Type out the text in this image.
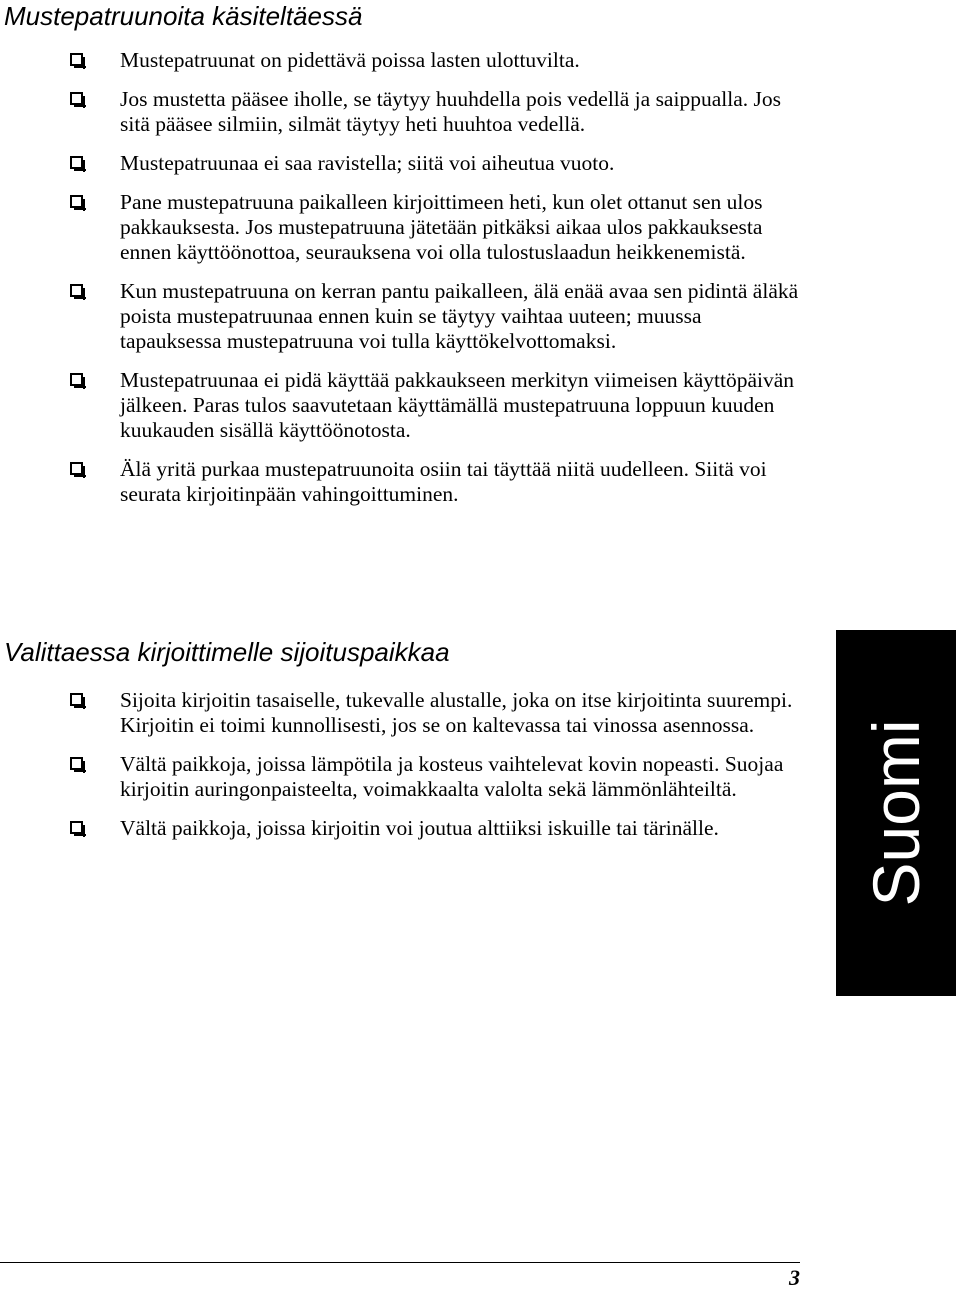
Mustepatruunoita käsiteltäessä
Mustepatruunat on pidettävä poissa lasten ulottuvilta.
Jos mustetta pääsee iholle, se täytyy huuhdella pois vedellä ja saippualla. Jos sitä pääsee silmiin, silmät täytyy heti huuhtoa vedellä.
Mustepatruunaa ei saa ravistella; siitä voi aiheutua vuoto.
Pane mustepatruuna paikalleen kirjoittimeen heti, kun olet ottanut sen ulos pakkauksesta. Jos mustepatruuna jätetään pitkäksi aikaa ulos pakkauksesta ennen käyttöönottoa, seurauksena voi olla tulostuslaadun heikkenemistä.
Kun mustepatruuna on kerran pantu paikalleen, älä enää avaa sen pidintä äläkä poista mustepatruunaa ennen kuin se täytyy vaihtaa uuteen; muussa tapauksessa mustepatruuna voi tulla käyttökelvottomaksi.
Mustepatruunaa ei pidä käyttää pakkaukseen merkityn viimeisen käyttöpäivän jälkeen. Paras tulos saavutetaan käyttämällä mustepatruuna loppuun kuuden kuukauden sisällä käyttöönotosta.
Älä yritä purkaa mustepatruunoita osiin tai täyttää niitä uudelleen. Siitä voi seurata kirjoitinpään vahingoittuminen.
Valittaessa kirjoittimelle sijoituspaikkaa
Sijoita kirjoitin tasaiselle, tukevalle alustalle, joka on itse kirjoitinta suurempi. Kirjoitin ei toimi kunnollisesti, jos se on kaltevassa tai vinossa asennossa.
Vältä paikkoja, joissa lämpötila ja kosteus vaihtelevat kovin nopeasti. Suojaa kirjoitin auringonpaisteelta, voimakkaalta valolta sekä lämmönlähteiltä.
Vältä paikkoja, joissa kirjoitin voi joutua alttiiksi iskuille tai tärinälle.	Suomi
3
